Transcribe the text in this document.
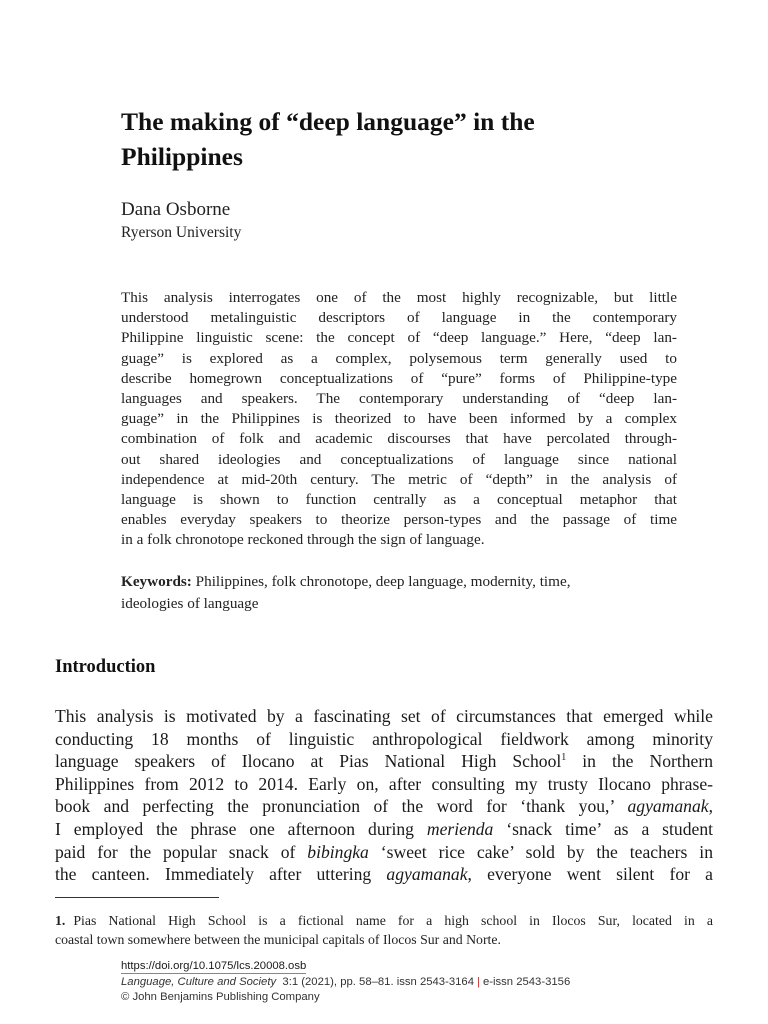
The making of “deep language” in the
Philippines

Dana Osborne

Ryerson University

This analysis interrogates one of the most highly recognizable, but little
understood metalinguistic descriptors of language in the contemporary
Philippine linguistic scene: the concept of “deep language.” Here, “deep lan-
guage” is explored as a complex, polysemous term generally used to
describe homegrown conceptualizations of “pure” forms of Philippine-type
languages and speakers. The contemporary understanding of “deep lan-
guage” in the Philippines is theorized to have been informed by a complex
combination of folk and academic discourses that have percolated through-
out shared ideologies and conceptualizations of language since national
independence at mid-20th century. The metric of “depth” in the analysis of
language is shown to function centrally as a conceptual metaphor that
enables everyday speakers to theorize person-types and the passage of time
in a folk chronotope reckoned through the sign of language.
Keywords: Philippines, folk chronotope, deep language, modernity, time,
ideologies of language
Introduction
This analysis is motivated by a fascinating set of circumstances that emerged while
conducting 18 months of linguistic anthropological fieldwork among minority
language speakers of Ilocano at Pias National High School$^1$ in the Northern
Philippines from 2012 to 2014. Early on, after consulting my trusty Ilocano phrase-
book and perfecting the pronunciation of the word for ‘thank you,’ agyamanak,
I employed the phrase one afternoon during merienda ‘snack time’ as a student
paid for the popular snack of bibingka ‘sweet rice cake’ sold by the teachers in
the canteen. Immediately after uttering agyamanak, everyone went silent for a
1. Pias National High School is a fictional name for a high school in Ilocos Sur, located in a
coastal town somewhere between the municipal capitals of Ilocos Sur and Norte.
https://doi.org/10.1075/lcs.20008.osb
Language, Culture and Society 3:1 (2021), pp. 58–81. issn 2543-3164 | e-issn 2543-3156
© John Benjamins Publishing Company
